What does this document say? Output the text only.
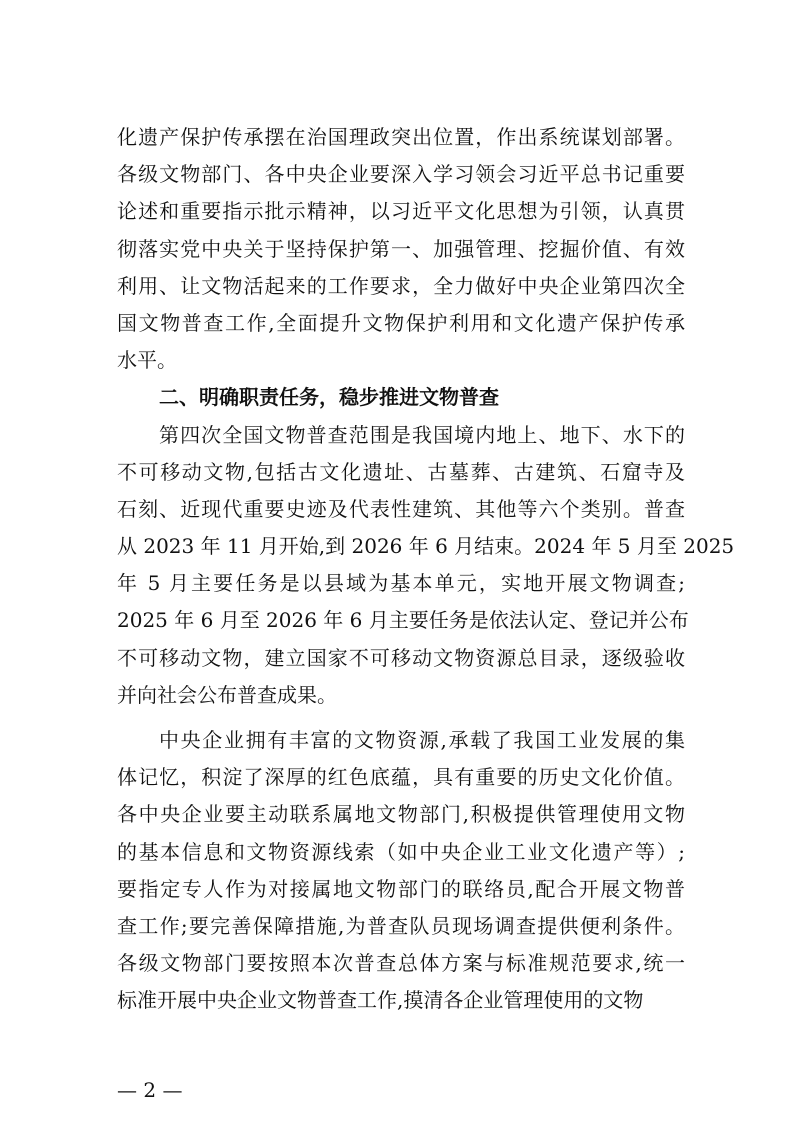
化遗产保护传承摆在治国理政突出位置，作出系统谋划部署。
各级文物部门、各中央企业要深入学习领会习近平总书记重要
论述和重要指示批示精神，以习近平文化思想为引领，认真贯
彻落实党中央关于坚持保护第一、加强管理、挖掘价值、有效
利用、让文物活起来的工作要求，全力做好中央企业第四次全
国文物普查工作,全面提升文物保护利用和文化遗产保护传承
水平。
二、明确职责任务，稳步推进文物普查
第四次全国文物普查范围是我国境内地上、地下、水下的
不可移动文物,包括古文化遗址、古墓葬、古建筑、石窟寺及
石刻、近现代重要史迹及代表性建筑、其他等六个类别。普查
从 2023 年 11 月开始,到 2026 年 6 月结束。2024 年 5 月至 2025
年 5 月主要任务是以县域为基本单元，实地开展文物调查;
2025 年 6 月至 2026 年 6 月主要任务是依法认定、登记并公布
不可移动文物，建立国家不可移动文物资源总目录，逐级验收
并向社会公布普查成果。
中央企业拥有丰富的文物资源,承载了我国工业发展的集
体记忆，积淀了深厚的红色底蕴，具有重要的历史文化价值。
各中央企业要主动联系属地文物部门,积极提供管理使用文物
的基本信息和文物资源线索（如中央企业工业文化遗产等）;
要指定专人作为对接属地文物部门的联络员,配合开展文物普
查工作;要完善保障措施,为普查队员现场调查提供便利条件。
各级文物部门要按照本次普查总体方案与标准规范要求,统一
标准开展中央企业文物普查工作,摸清各企业管理使用的文物
— 2 —
